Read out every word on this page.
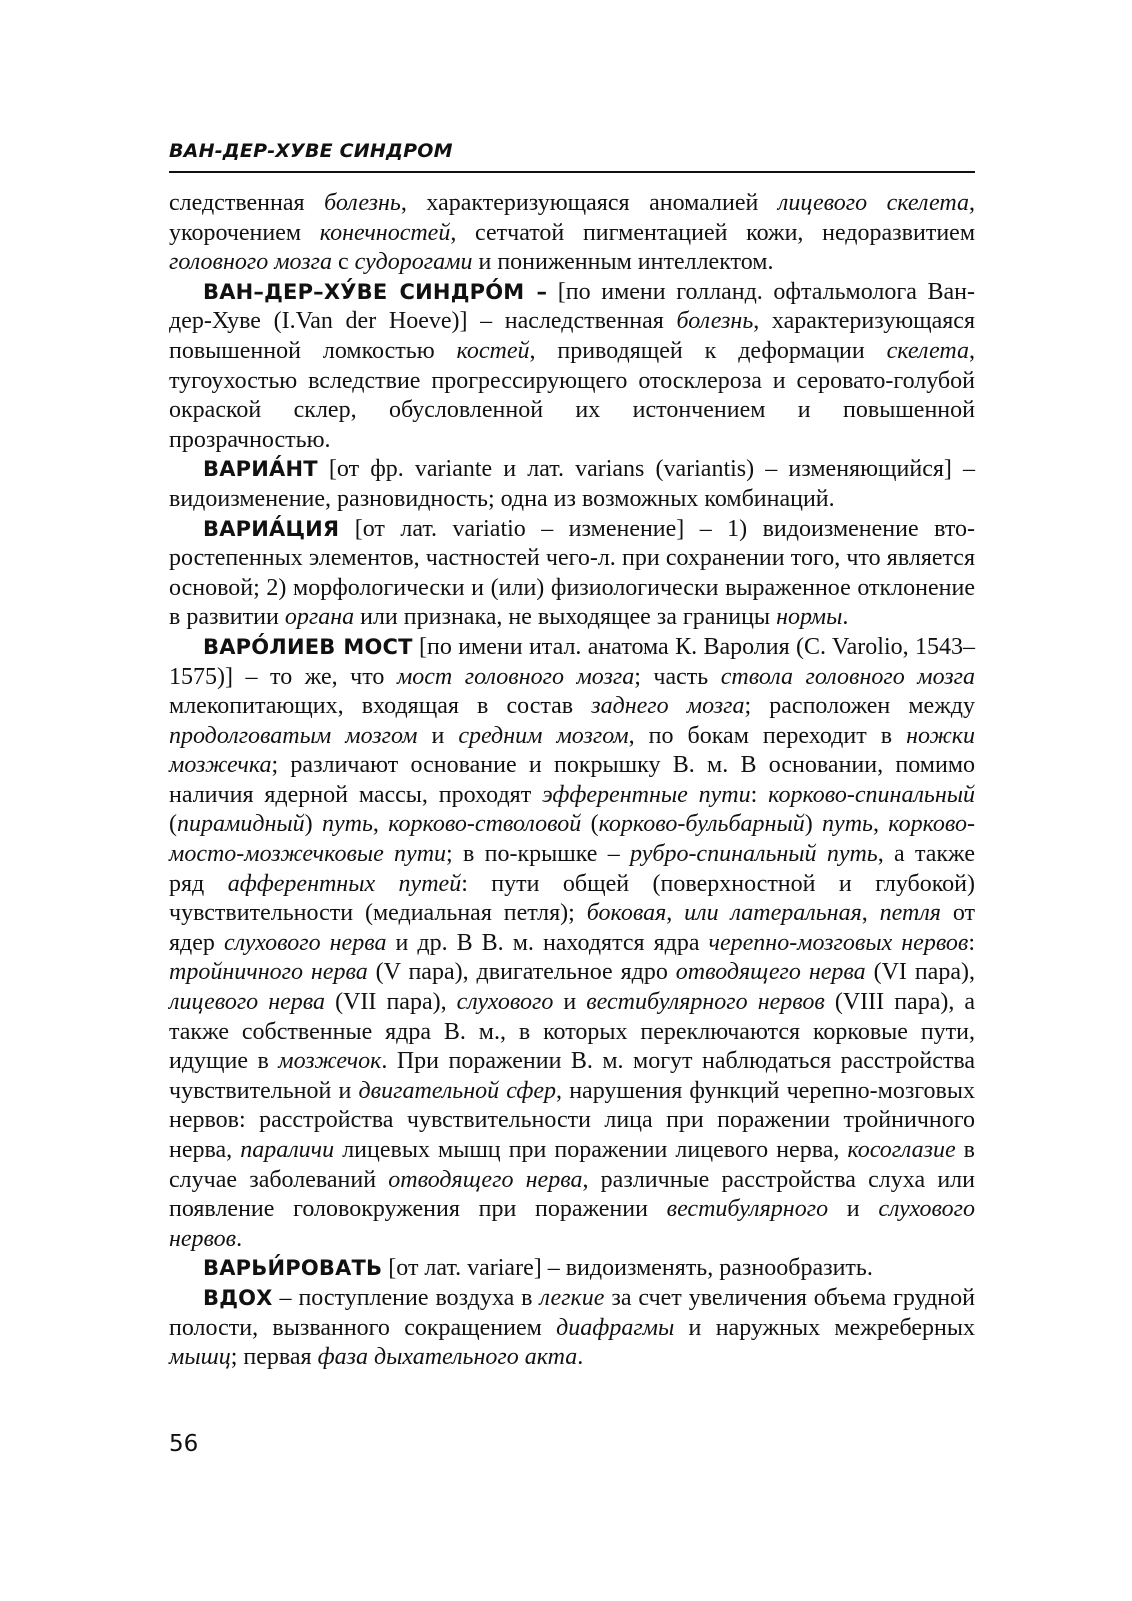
ВАН-ДЕР-ХУВЕ СИНДРОМ

следственная болезнь, характеризующаяся аномалией лицевого скелета, укорочением конечностей, сетчатой пигментацией кожи, недоразвитием головного мозга с судорогами и пониженным интеллектом.

ВАН–ДЕР–ХУ́ВЕ СИНДРО́М – [по имени голланд. офтальмолога Ван-дер-Хуве (I.Van der Hoeve)] – наследственная болезнь, характеризующаяся повышенной ломкостью костей, приводящей к деформации скелета, тугоухостью вследствие прогрессирующего отосклероза и серовато-голубой окраской склер, обусловленной их истончением и повышенной прозрачностью.

ВАРИА́НТ [от фр. variante и лат. varians (variantis) – изменяющийся] – видоизменение, разновидность; одна из возможных комбинаций.

ВАРИА́ЦИЯ [от лат. variatio – изменение] – 1) видоизменение второстепенных элементов, частностей чего-л. при сохранении того, что является основой; 2) морфологически и (или) физиологически выраженное отклонение в развитии органа или признака, не выходящее за границы нормы.

ВАРО́ЛИЕВ МОСТ [по имени итал. анатома К. Варолия (C. Varolio, 1543–1575)] – то же, что мост головного мозга; часть ствола головного мозга млекопитающих, входящая в состав заднего мозга; расположен между продолговатым мозгом и средним мозгом, по бокам переходит в ножки мозжечка; различают основание и покрышку В. м. В основании, помимо наличия ядерной массы, проходят эфферентные пути: корково-спинальный (пирамидный) путь, корково-стволовой (корково-бульбарный) путь, корково-мосто-мозжечковые пути; в по-крышке – рубро-спинальный путь, а также ряд афферентных путей: пути общей (поверхностной и глубокой) чувствительности (медиальная петля); боковая, или латеральная, петля от ядер слухового нерва и др. В В. м. находятся ядра черепно-мозговых нервов: тройничного нерва (V пара), двигательное ядро отводящего нерва (VI пара), лицевого нерва (VII пара), слухового и вестибулярного нервов (VIII пара), а также собственные ядра В. м., в которых переключаются корковые пути, идущие в мозжечок. При поражении В. м. могут наблюдаться расстройства чувствительной и двигательной сфер, нарушения функций черепно-мозговых нервов: расстройства чувствительности лица при поражении тройничного нерва, параличи лицевых мышц при поражении лицевого нерва, косоглазие в случае заболеваний отводящего нерва, различные расстройства слуха или появление головокружения при поражении вестибулярного и слухового нервов.

ВАРЬИ́РОВАТЬ [от лат. variare] – видоизменять, разнообразить.

ВДОХ – поступление воздуха в легкие за счет увеличения объема грудной полости, вызванного сокращением диафрагмы и наружных межреберных мышц; первая фаза дыхательного акта.

56
